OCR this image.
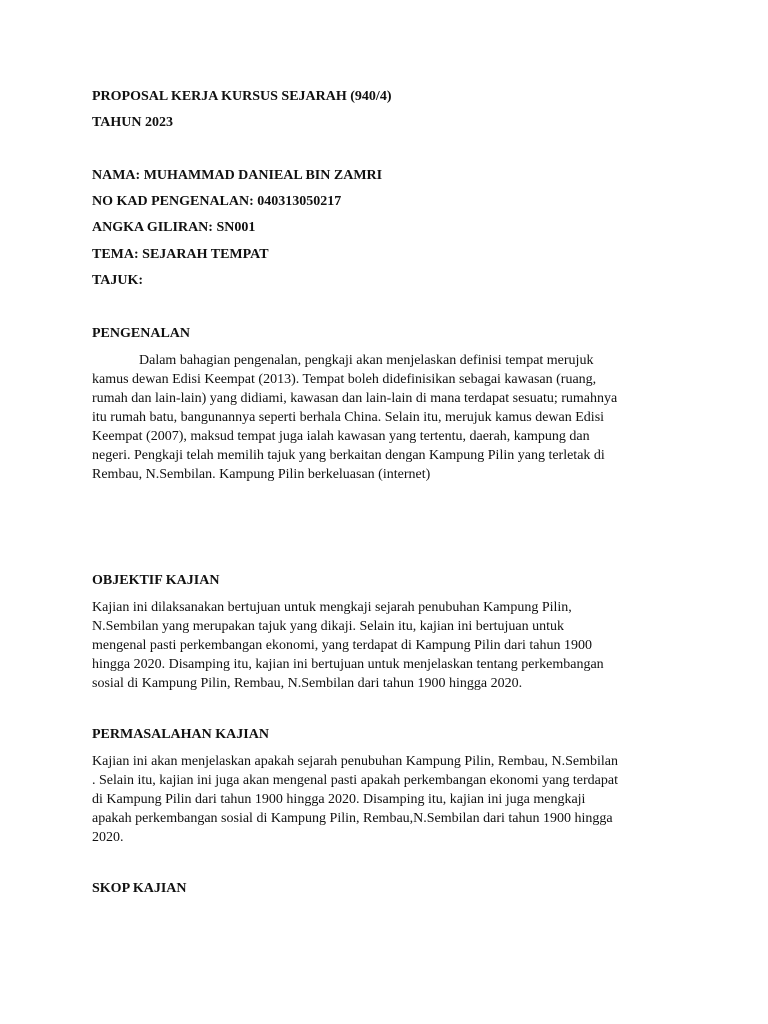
PROPOSAL KERJA KURSUS SEJARAH (940/4)
TAHUN 2023
NAMA: MUHAMMAD DANIEAL BIN ZAMRI
NO KAD PENGENALAN: 040313050217
ANGKA GILIRAN: SN001
TEMA: SEJARAH TEMPAT
TAJUK:
PENGENALAN
Dalam bahagian pengenalan, pengkaji akan menjelaskan definisi tempat merujuk
kamus dewan Edisi Keempat (2013). Tempat boleh didefinisikan sebagai kawasan (ruang,
rumah dan lain-lain) yang didiami, kawasan dan lain-lain di mana terdapat sesuatu; rumahnya
itu rumah batu, bangunannya seperti berhala China. Selain itu, merujuk kamus dewan Edisi
Keempat (2007), maksud tempat juga ialah kawasan yang tertentu, daerah, kampung dan
negeri. Pengkaji telah memilih tajuk yang berkaitan dengan Kampung Pilin yang terletak di
Rembau, N.Sembilan. Kampung Pilin berkeluasan (internet)
OBJEKTIF KAJIAN
Kajian ini dilaksanakan bertujuan untuk mengkaji sejarah penubuhan Kampung Pilin,
N.Sembilan yang merupakan tajuk yang dikaji. Selain itu, kajian ini bertujuan untuk
mengenal pasti perkembangan ekonomi, yang terdapat di Kampung Pilin dari tahun 1900
hingga 2020. Disamping itu, kajian ini bertujuan untuk menjelaskan tentang perkembangan
sosial di Kampung Pilin, Rembau, N.Sembilan dari tahun 1900 hingga 2020.
PERMASALAHAN KAJIAN
Kajian ini akan menjelaskan apakah sejarah penubuhan Kampung Pilin, Rembau, N.Sembilan
. Selain itu, kajian ini juga akan mengenal pasti apakah perkembangan ekonomi yang terdapat
di Kampung Pilin dari tahun 1900 hingga 2020. Disamping itu, kajian ini juga mengkaji
apakah perkembangan sosial di Kampung Pilin, Rembau,N.Sembilan dari tahun 1900 hingga
2020.
SKOP KAJIAN
